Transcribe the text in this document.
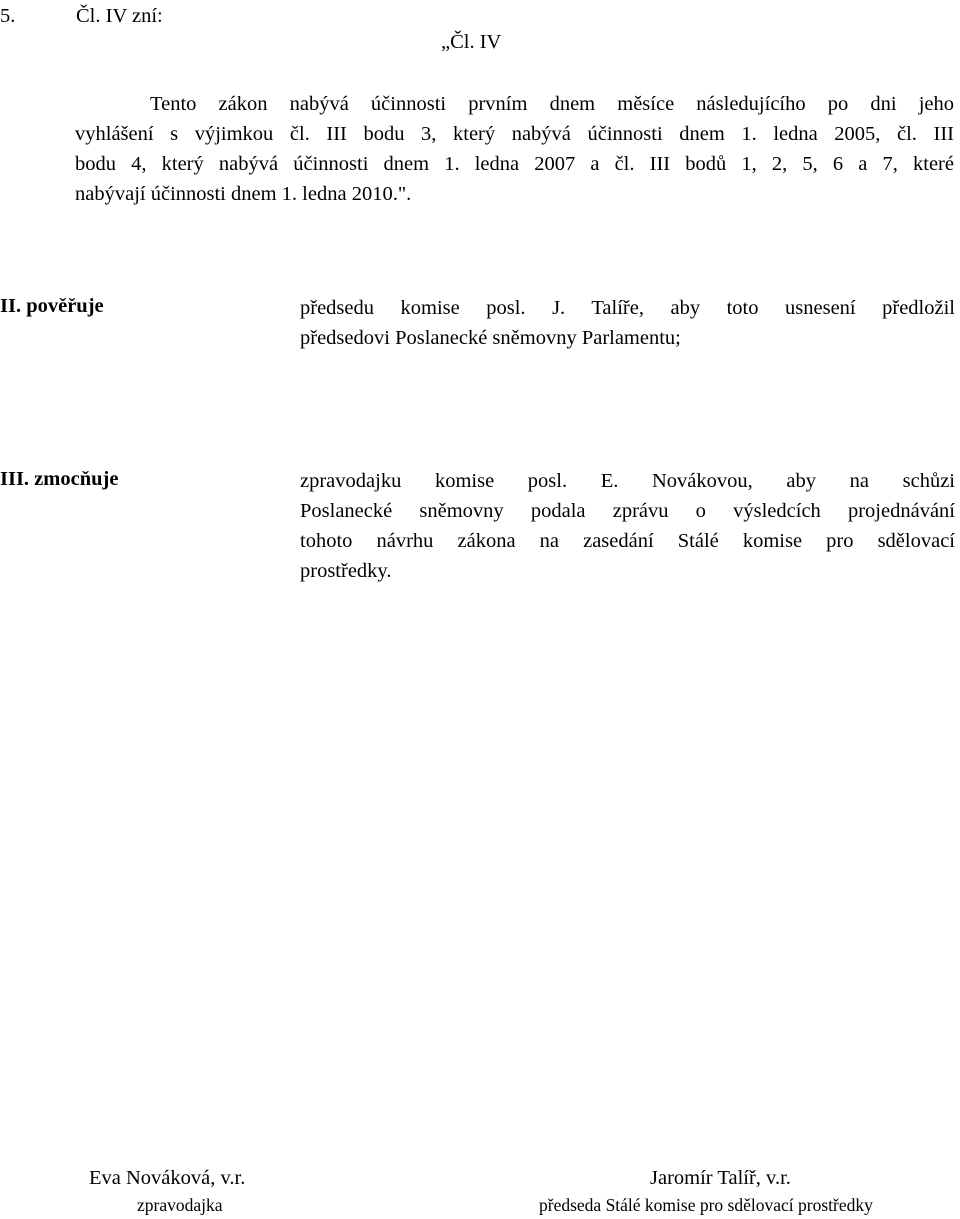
5.	Čl. IV zní:
„Čl. IV
Tento zákon nabývá účinnosti prvním dnem měsíce následujícího po dni jeho
vyhlášení s výjimkou čl. III bodu 3, který nabývá účinnosti dnem 1. ledna 2005, čl. III
bodu 4, který nabývá účinnosti dnem 1. ledna 2007 a čl. III bodů 1, 2, 5, 6 a 7, které
nabývají účinnosti dnem 1. ledna 2010.".
II. pověřuje	předsedu komise posl. J. Talíře, aby toto usnesení předložil
předsedovi Poslanecké sněmovny Parlamentu;
III. zmocňuje	zpravodajku komise posl. E. Novákovou, aby na schůzi
Poslanecké sněmovny podala zprávu o výsledcích projednávání
tohoto návrhu zákona na zasedání Stálé komise pro sdělovací
prostředky.
Eva Nováková, v.r.
zpravodajka
Jaromír Talíř, v.r.
předseda Stálé komise pro sdělovací prostředky
